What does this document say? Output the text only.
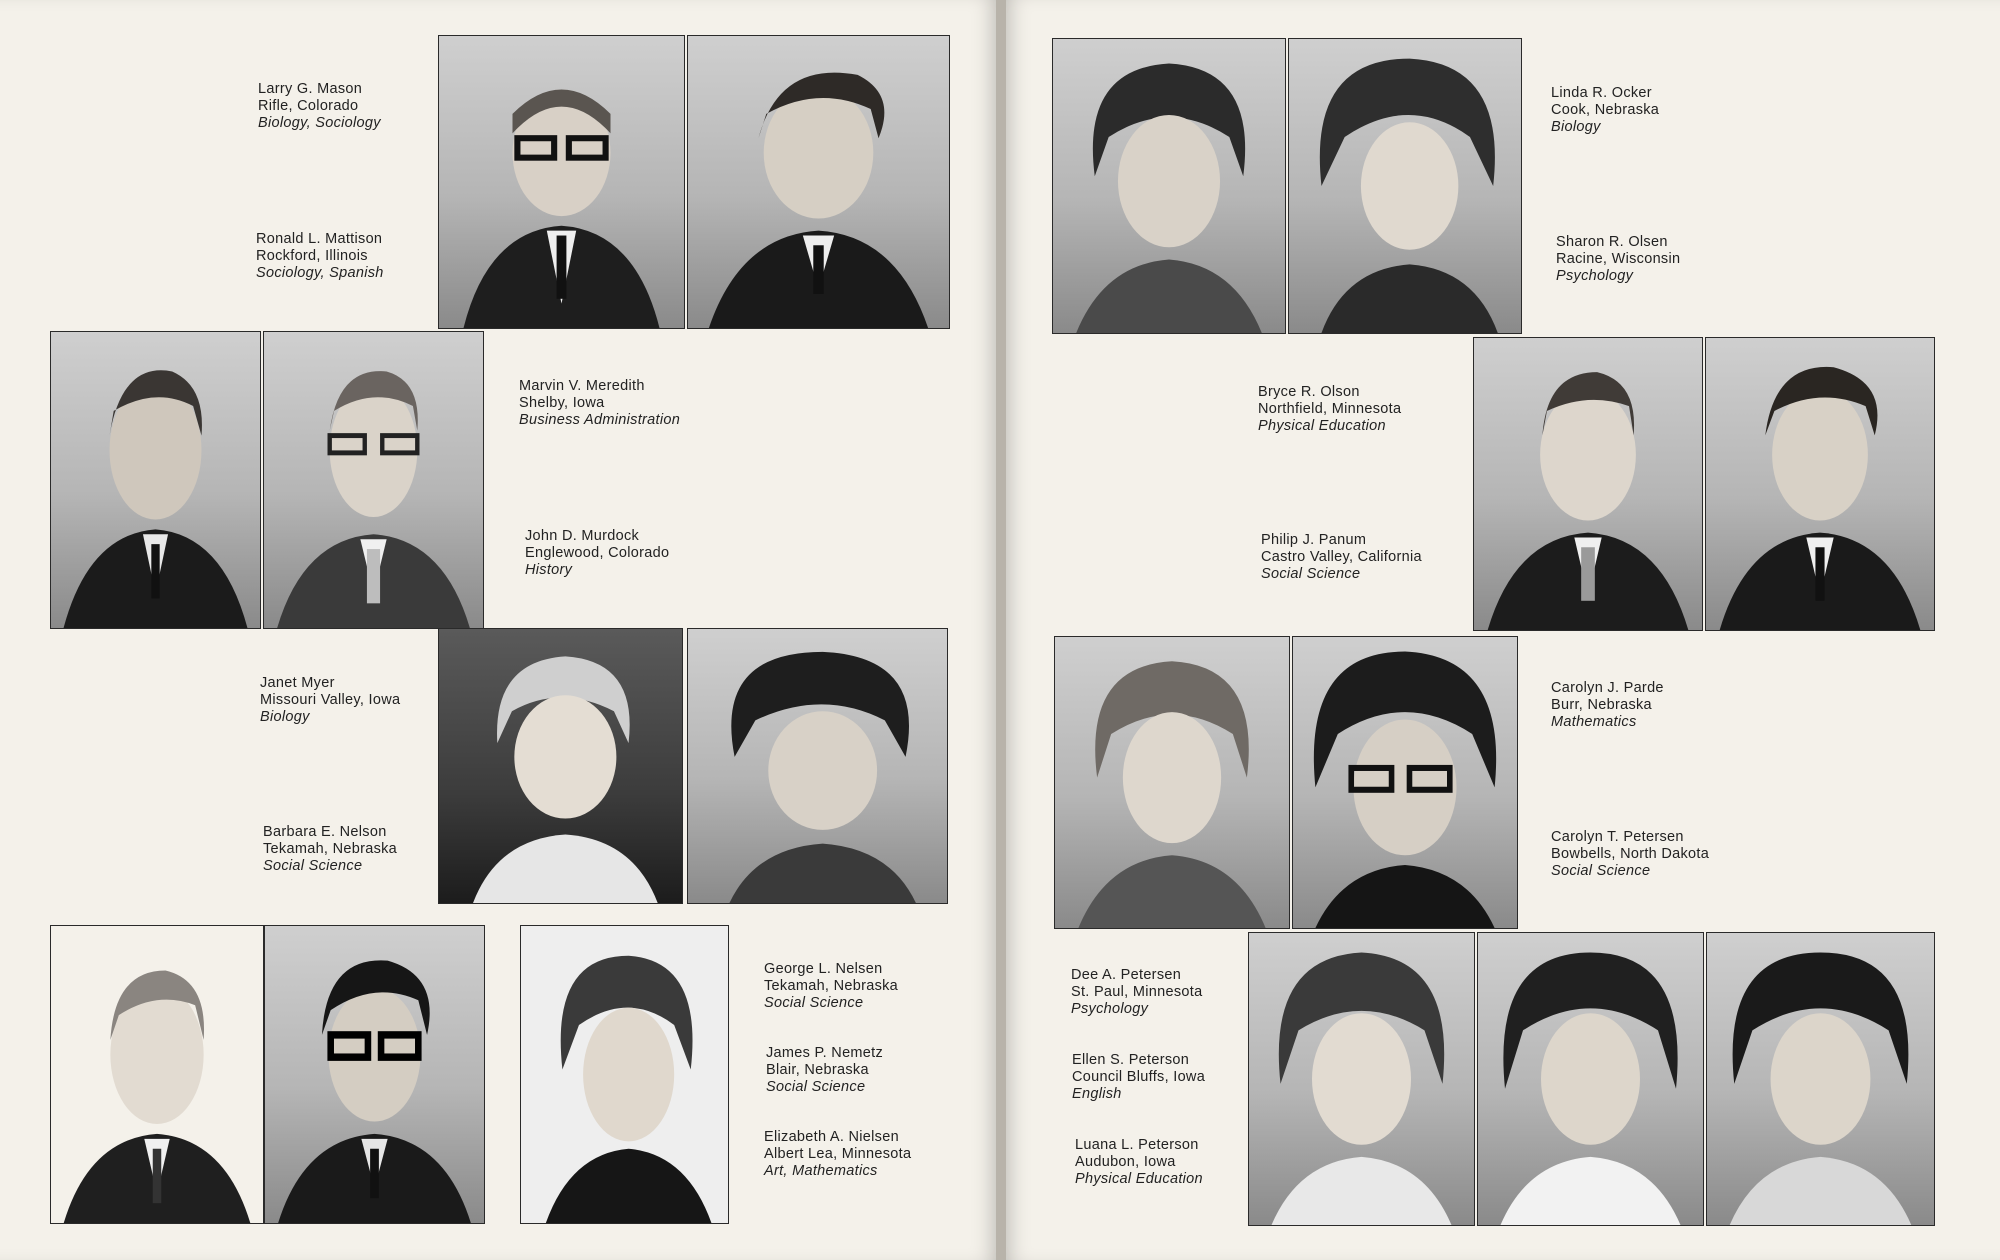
Larry G. Mason
Rifle, Colorado
Biology, Sociology
Ronald L. Mattison
Rockford, Illinois
Sociology, Spanish
Marvin V. Meredith
Shelby, Iowa
Business Administration
John D. Murdock
Englewood, Colorado
History
Janet Myer
Missouri Valley, Iowa
Biology
Barbara E. Nelson
Tekamah, Nebraska
Social Science
George L. Nelsen
Tekamah, Nebraska
Social Science
James P. Nemetz
Blair, Nebraska
Social Science
Elizabeth A. Nielsen
Albert Lea, Minnesota
Art, Mathematics
Linda R. Ocker
Cook, Nebraska
Biology
Sharon R. Olsen
Racine, Wisconsin
Psychology
Bryce R. Olson
Northfield, Minnesota
Physical Education
Philip J. Panum
Castro Valley, California
Social Science
Carolyn J. Parde
Burr, Nebraska
Mathematics
Carolyn T. Petersen
Bowbells, North Dakota
Social Science
Dee A. Petersen
St. Paul, Minnesota
Psychology
Ellen S. Peterson
Council Bluffs, Iowa
English
Luana L. Peterson
Audubon, Iowa
Physical Education
